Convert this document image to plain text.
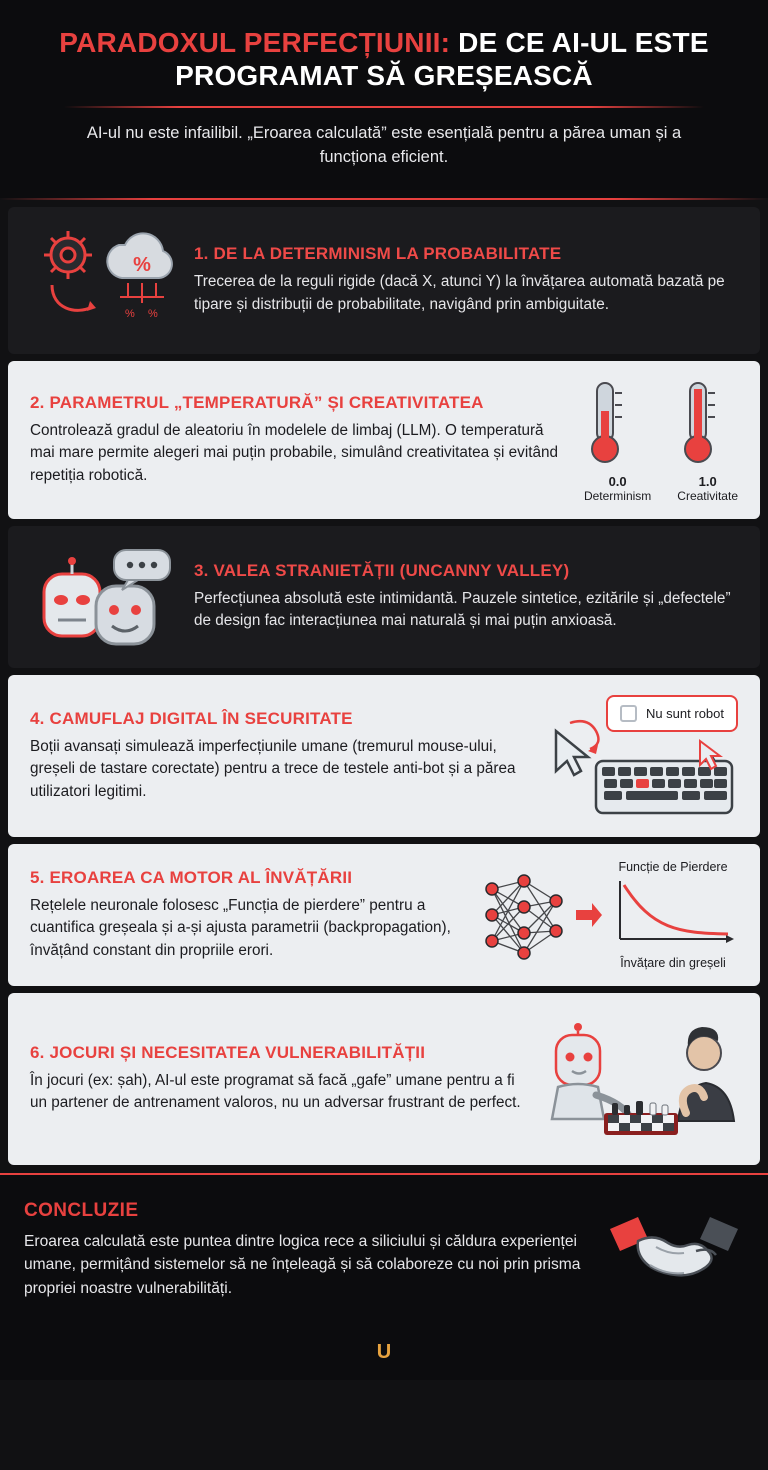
PARADOXUL PERFECȚIUNII: DE CE AI-UL ESTE PROGRAMAT SĂ GREȘEASCĂ
AI-ul nu este infailibil. „Eroarea calculată” este esențială pentru a părea uman și a funcționa eficient.
%
% %
1. DE LA DETERMINISM LA PROBABILITATE
Trecerea de la reguli rigide (dacă X, atunci Y) la învățarea automată bazată pe tipare și distribuții de probabilitate, navigând prin ambiguitate.
2. PARAMETRUL „TEMPERATURĂ” ȘI CREATIVITATEA
Controlează gradul de aleatoriu în modelele de limbaj (LLM). O temperatură mai mare permite alegeri mai puțin probabile, simulând creativitatea și evitând repetiția robotică.	0.0
Determinism
1.0
Creativitate
3. VALEA STRANIETĂȚII (UNCANNY VALLEY)
Perfecțiunea absolută este intimidantă. Pauzele sintetice, ezitările și „defectele” de design fac interacțiunea mai naturală și mai puțin anxioasă.
4. CAMUFLAJ DIGITAL ÎN SECURITATE
Boții avansați simulează imperfecțiunile umane (tremurul mouse-ului, greșeli de tastare corectate) pentru a trece de testele anti-bot și a părea utilizatori legitimi.
Nu sunt robot
5. EROAREA CA MOTOR AL ÎNVĂȚĂRII
Rețelele neuronale folosesc „Funcția de pierdere” pentru a cuantifica greșeala și a-și ajusta parametrii (backpropagation), învățând constant din propriile erori.
Funcție de Pierdere
Învățare din greșeli
6. JOCURI ȘI NECESITATEA VULNERABILITĂȚII
În jocuri (ex: șah), AI-ul este programat să facă „gafe” umane pentru a fi un partener de antrenament valoros, nu un adversar frustrant de perfect.
CONCLUZIE
Eroarea calculată este puntea dintre logica rece a siliciului și căldura experienței umane, permițând sistemelor să ne înțeleagă și să colaboreze cu noi prin prisma propriei noastre vulnerabilități.
U
